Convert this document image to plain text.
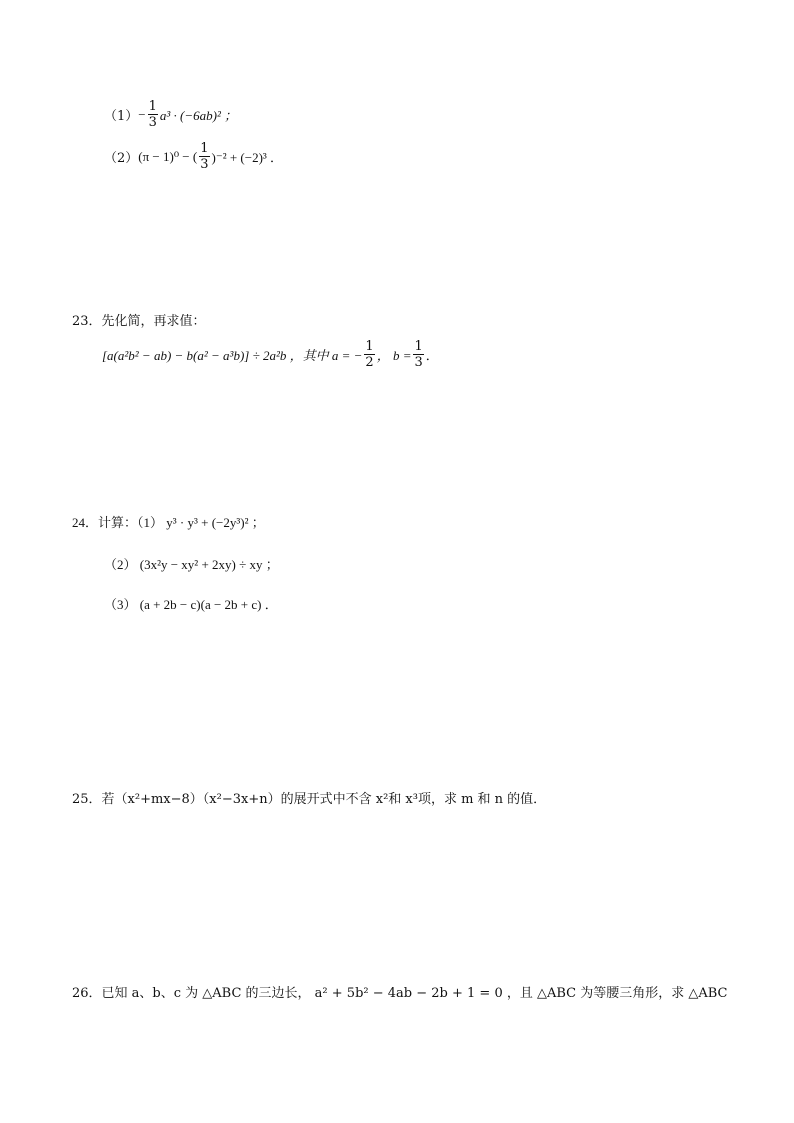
$(1) - \frac{1}{3} a^3 \cdot (-6ab)^2$ ；
（2） (π − 1)⁰ − ( $\frac{1}{3} )^{-2} + (-2)^3$ ．
23．先化简，再求值：
[a(a²b² − ab) − b(a² − a³b)] ÷ 2a²b ，其中 a = − $\frac{1}{2}$ ， $b = \frac{1}{3}$ ．
24．计算：（1） y³ · y³ + (−2y³)² ；
（2） (3x²y − xy² + 2xy) ÷ xy ；
（3） (a + 2b − c)(a − 2b + c) ．
25．若（x²+mx−8）（x²−3x+n）的展开式中不含 x²和 x³项，求 m 和 n 的值．
26．已知 a、b、c 为 △ABC 的三边长， a² + 5b² − 4ab − 2b + 1 = 0 ，且 △ABC 为等腰三角形，求 △ABC
